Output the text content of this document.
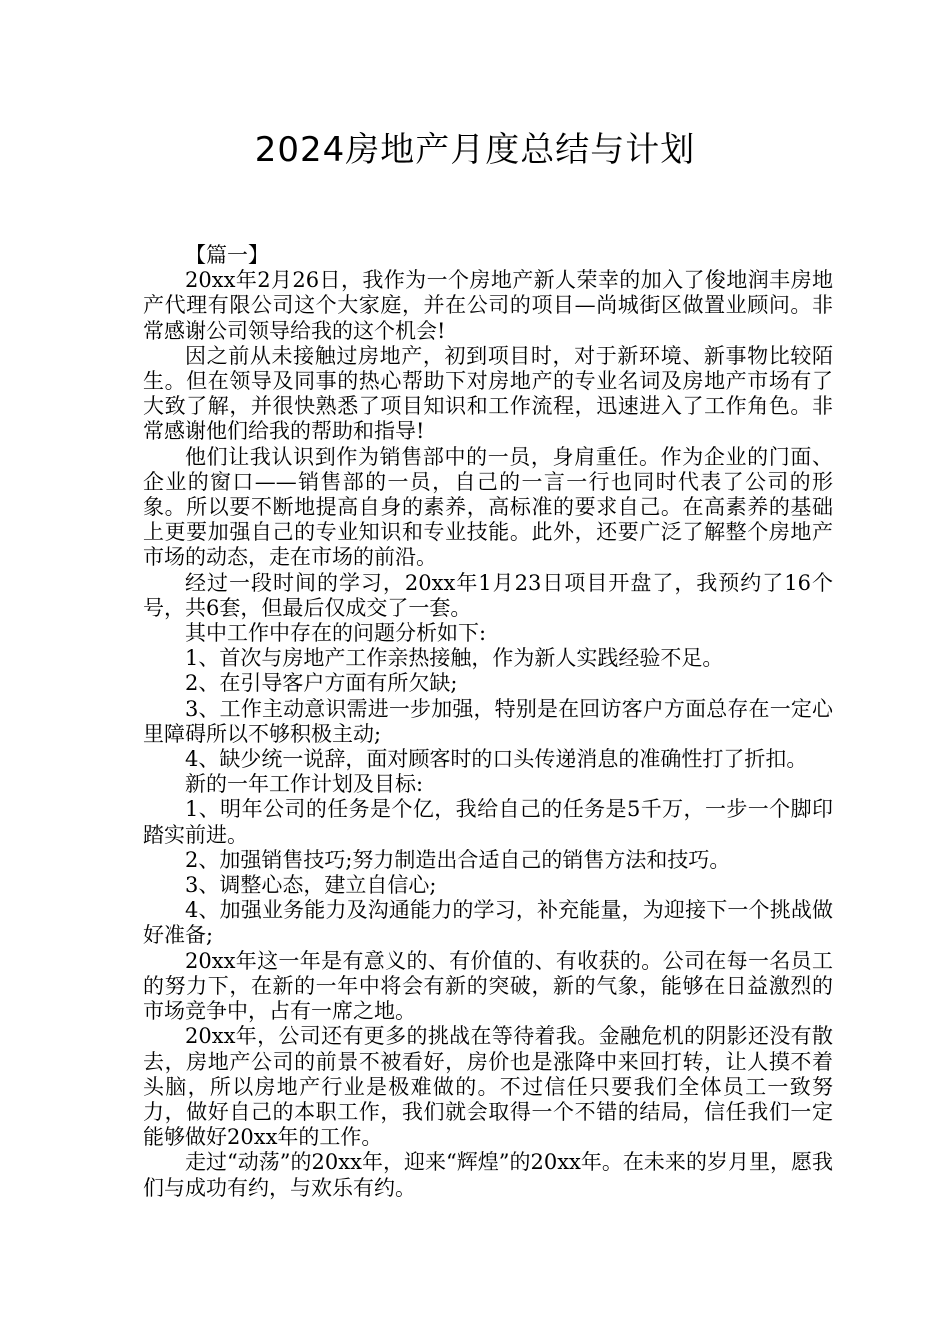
2024房地产月度总结与计划

【篇一】

20xx年2月26日，我作为一个房地产新人荣幸的加入了俊地润丰房地产代理有限公司这个大家庭，并在公司的项目—尚城街区做置业顾问。非常感谢公司领导给我的这个机会!

因之前从未接触过房地产，初到项目时，对于新环境、新事物比较陌生。但在领导及同事的热心帮助下对房地产的专业名词及房地产市场有了大致了解，并很快熟悉了项目知识和工作流程，迅速进入了工作角色。非常感谢他们给我的帮助和指导!

他们让我认识到作为销售部中的一员，身肩重任。作为企业的门面、企业的窗口——销售部的一员，自己的一言一行也同时代表了公司的形象。所以要不断地提高自身的素养，高标准的要求自己。在高素养的基础上更要加强自己的专业知识和专业技能。此外，还要广泛了解整个房地产市场的动态，走在市场的前沿。

经过一段时间的学习，20xx年1月23日项目开盘了，我预约了16个号，共6套，但最后仅成交了一套。

其中工作中存在的问题分析如下:

1、首次与房地产工作亲热接触，作为新人实践经验不足。

2、在引导客户方面有所欠缺;

3、工作主动意识需进一步加强，特别是在回访客户方面总存在一定心里障碍所以不够积极主动;

4、缺少统一说辞，面对顾客时的口头传递消息的准确性打了折扣。

新的一年工作计划及目标:

1、明年公司的任务是个亿，我给自己的任务是5千万，一步一个脚印踏实前进。

2、加强销售技巧;努力制造出合适自己的销售方法和技巧。

3、调整心态，建立自信心;

4、加强业务能力及沟通能力的学习，补充能量，为迎接下一个挑战做好准备;

20xx年这一年是有意义的、有价值的、有收获的。公司在每一名员工的努力下，在新的一年中将会有新的突破，新的气象，能够在日益激烈的市场竞争中，占有一席之地。

20xx年，公司还有更多的挑战在等待着我。金融危机的阴影还没有散去，房地产公司的前景不被看好，房价也是涨降中来回打转，让人摸不着头脑，所以房地产行业是极难做的。不过信任只要我们全体员工一致努力，做好自己的本职工作，我们就会取得一个不错的结局，信任我们一定能够做好20xx年的工作。

走过“动荡”的20xx年，迎来“辉煌”的20xx年。在未来的岁月里，愿我们与成功有约，与欢乐有约。
